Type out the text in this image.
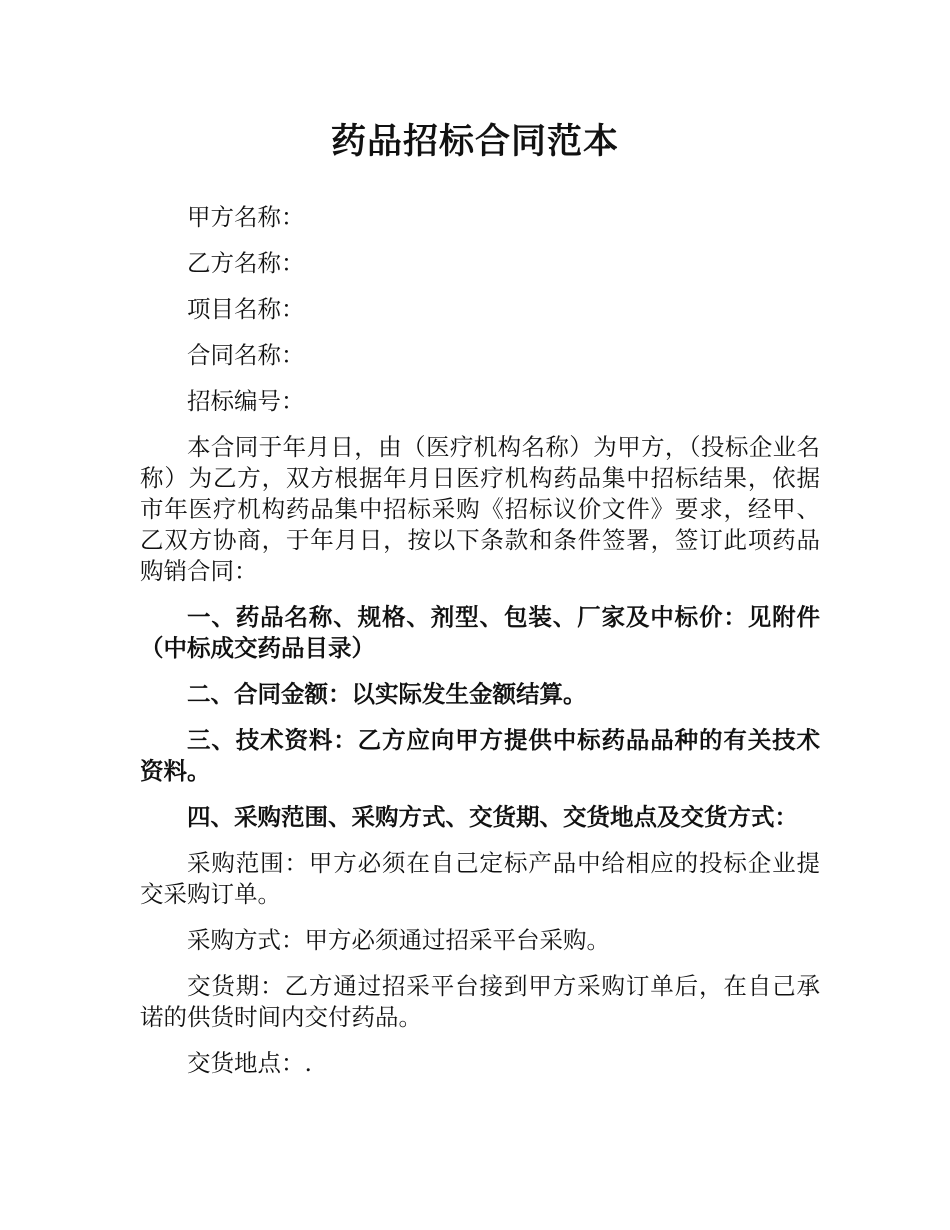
药品招标合同范本

甲方名称：

乙方名称：

项目名称：

合同名称：

招标编号：

本合同于年月日，由（医疗机构名称）为甲方，（投标企业名称）为乙方，双方根据年月日医疗机构药品集中招标结果，依据市年医疗机构药品集中招标采购《招标议价文件》要求，经甲、乙双方协商，于年月日，按以下条款和条件签署，签订此项药品购销合同：

一、药品名称、规格、剂型、包装、厂家及中标价：见附件（中标成交药品目录）

二、合同金额：以实际发生金额结算。

三、技术资料：乙方应向甲方提供中标药品品种的有关技术资料。

四、采购范围、采购方式、交货期、交货地点及交货方式：

采购范围：甲方必须在自己定标产品中给相应的投标企业提交采购订单。

采购方式：甲方必须通过招采平台采购。

交货期：乙方通过招采平台接到甲方采购订单后，在自己承诺的供货时间内交付药品。

交货地点：.
